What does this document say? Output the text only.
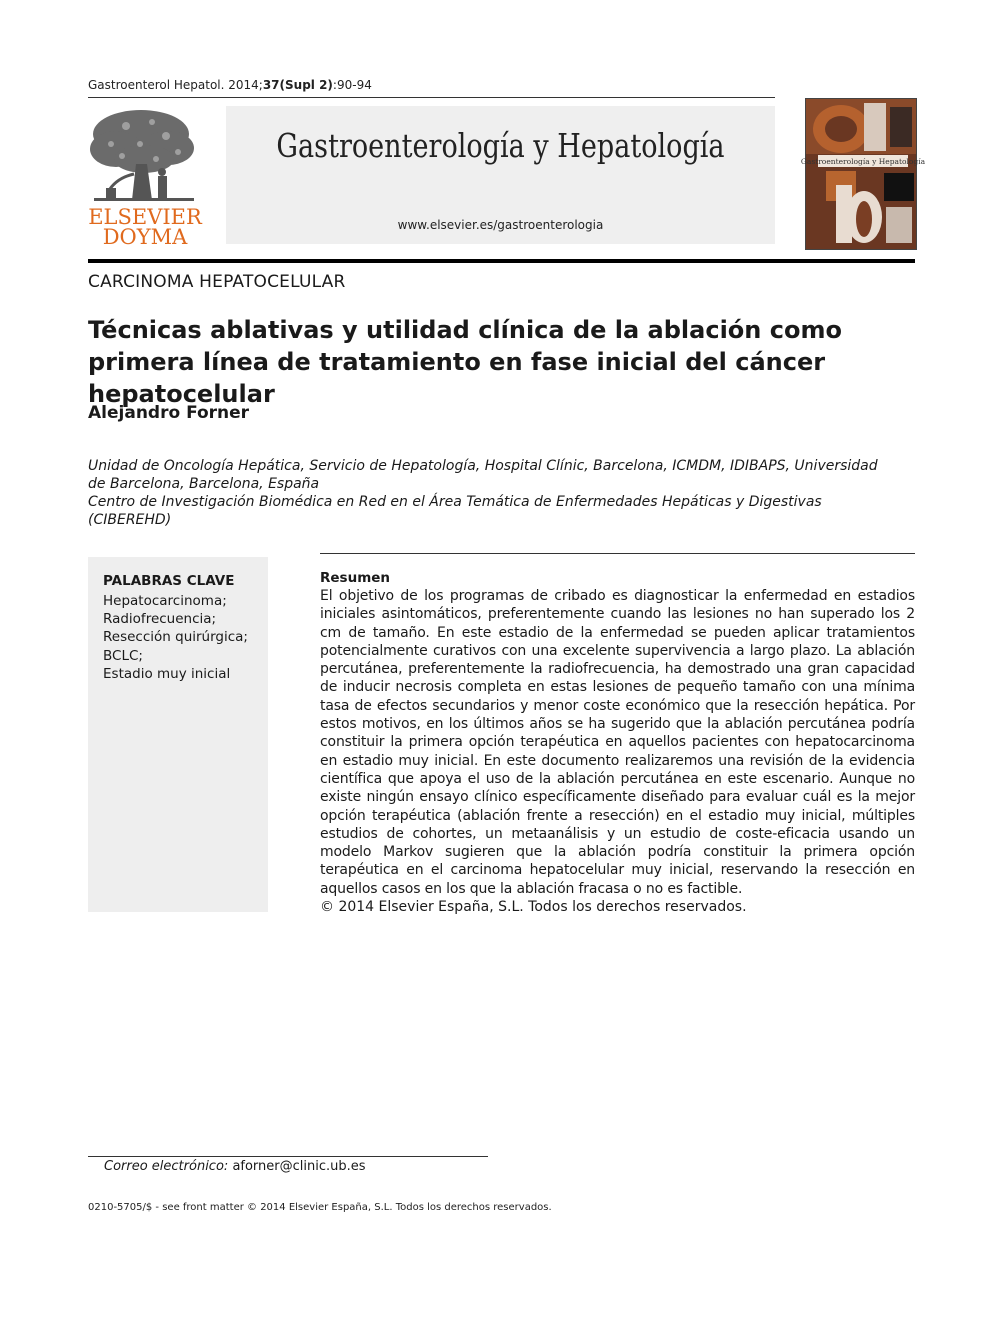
Gastroenterol Hepatol. 2014;37(Supl 2):90-94
ELSEVIER
DOYMA
Gastroenterología y Hepatología
www.elsevier.es/gastroenterologia
Gastroenterología y Hepatología
CARCINOMA HEPATOCELULAR
Técnicas ablativas y utilidad clínica de la ablación como primera línea de tratamiento en fase inicial del cáncer hepatocelular
Alejandro Forner
Unidad de Oncología Hepática, Servicio de Hepatología, Hospital Clínic, Barcelona, ICMDM, IDIBAPS, Universidad de Barcelona, Barcelona, España
Centro de Investigación Biomédica en Red en el Área Temática de Enfermedades Hepáticas y Digestivas (CIBEREHD)
PALABRAS CLAVE
Hepatocarcinoma;
Radiofrecuencia;
Resección quirúrgica;
BCLC;
Estadio muy inicial
Resumen
El objetivo de los programas de cribado es diagnosticar la enfermedad en estadios iniciales asintomáticos, preferentemente cuando las lesiones no han superado los 2 cm de tamaño. En este estadio de la enfermedad se pueden aplicar tratamientos potencialmente curativos con una excelente supervivencia a largo plazo. La ablación percutánea, preferentemente la radiofrecuencia, ha demostrado una gran capacidad de inducir necrosis completa en estas lesiones de pequeño tamaño con una mínima tasa de efectos secundarios y menor coste económico que la resección hepática. Por estos motivos, en los últimos años se ha sugerido que la ablación percutánea podría constituir la primera opción terapéutica en aquellos pacientes con hepatocarcinoma en estadio muy inicial. En este documento realizaremos una revisión de la evidencia científica que apoya el uso de la ablación percutánea en este escenario. Aunque no existe ningún ensayo clínico específicamente diseñado para evaluar cuál es la mejor opción terapéutica (ablación frente a resección) en el estadio muy inicial, múltiples estudios de cohortes, un metaanálisis y un estudio de coste-eficacia usando un modelo Markov sugieren que la ablación podría constituir la primera opción terapéutica en el carcinoma hepatocelular muy inicial, reservando la resección en aquellos casos en los que la ablación fracasa o no es factible.
© 2014 Elsevier España, S.L. Todos los derechos reservados.
Correo electrónico: aforner@clinic.ub.es
0210-5705/$ - see front matter © 2014 Elsevier España, S.L. Todos los derechos reservados.
